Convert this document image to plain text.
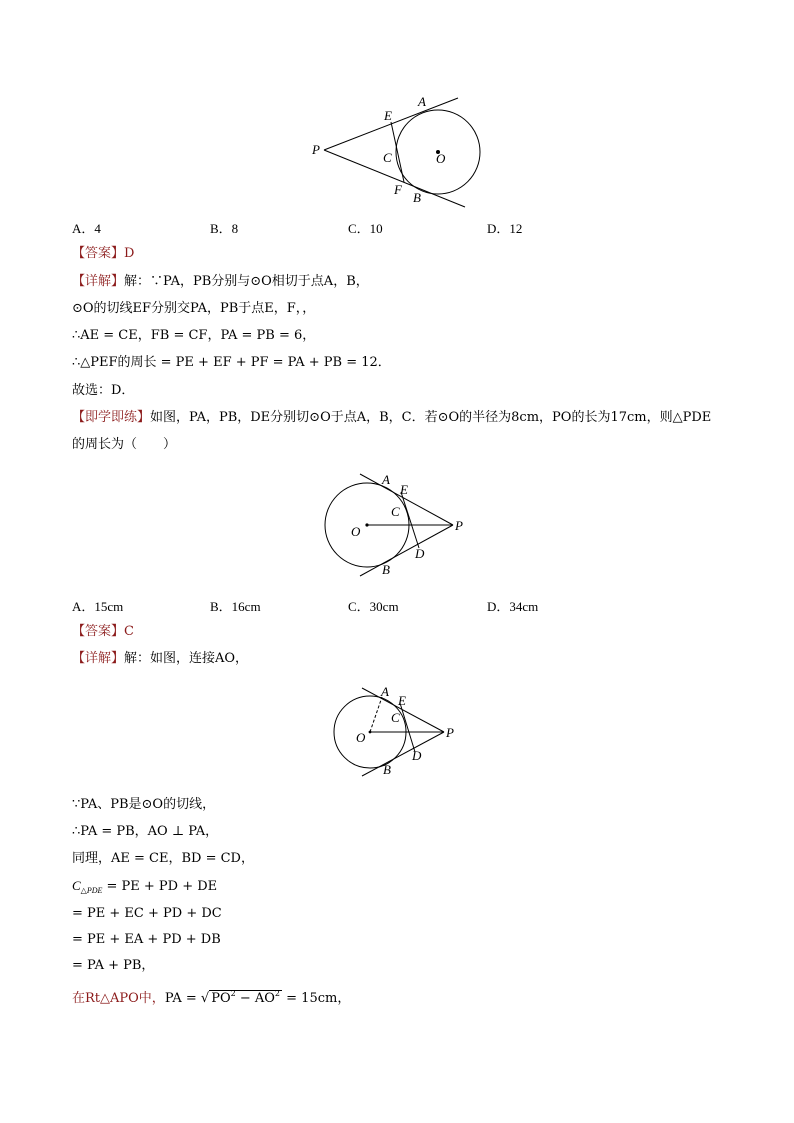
E
A
P
C	O
F
B
A．4	B．8	C．10	D．12
【答案】D
【详解】解：∵PA，PB分别与⊙O相切于点A，B，
⊙O的切线EF分别交PA，PB于点E，F，，
∴AE = CE，FB = CF，PA = PB = 6，
∴△PEF的周长 = PE + EF + PF = PA + PB = 12．
故选：D．
【即学即练】如图，PA，PB，DE分别切⊙O于点A，B，C．若⊙O的半径为8cm，PO的长为17cm，则△PDE
的周长为（　　）
A
E
C
O	P
D
B
A．15cm	B．16cm	C．30cm	D．34cm
【答案】C
【详解】解：如图，连接AO，
A
E
C
O	P
D
B
∵PA、PB是⊙O的切线，
∴PA = PB，AO ⊥ PA，
同理，AE = CE，BD = CD，
$C_{\triangle PDE}$ = PE + PD + DE
= PE + EC + PD + DC
= PE + EA + PD + DB
= PA + PB，
在Rt△APO中，PA = √ $PO^2 - AO^2 = 15cm$，
